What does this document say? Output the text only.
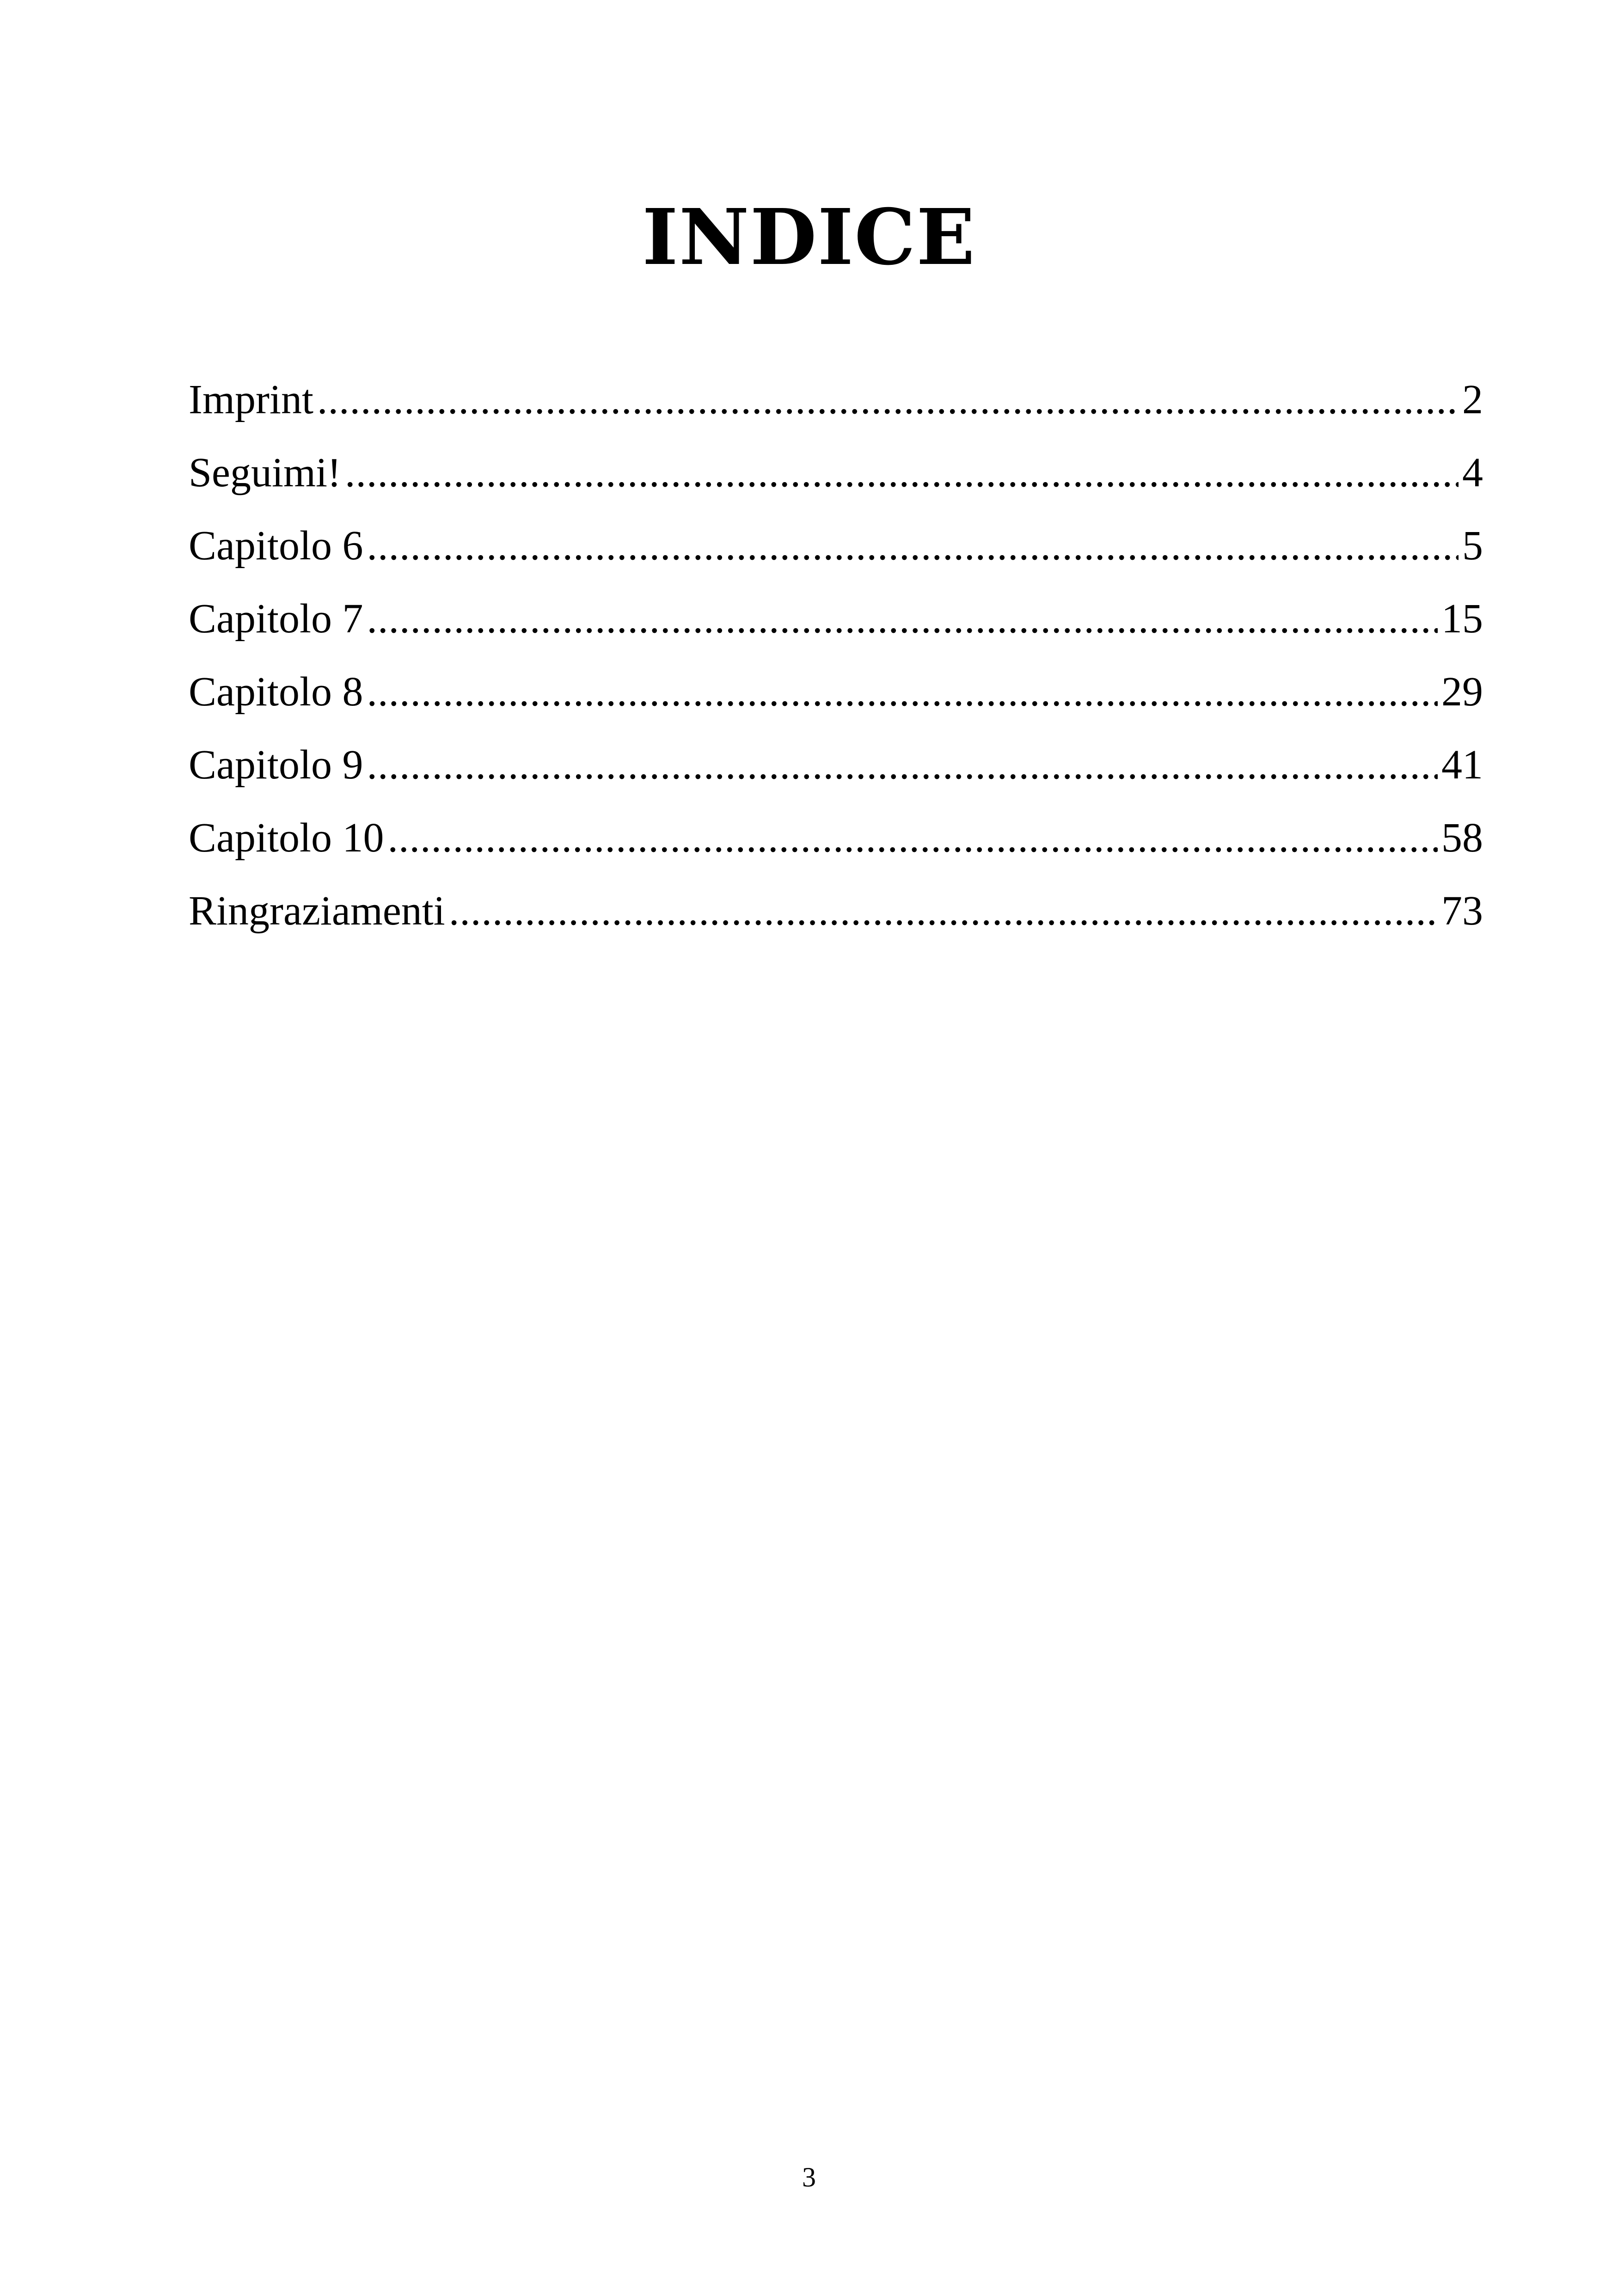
INDICE
Imprint .....	2
Seguimi! .....	4
Capitolo 6 .....	5
Capitolo 7 .....	15
Capitolo 8 .....	29
Capitolo 9 .....	41
Capitolo 10 .....	58
Ringraziamenti .....	73
3
